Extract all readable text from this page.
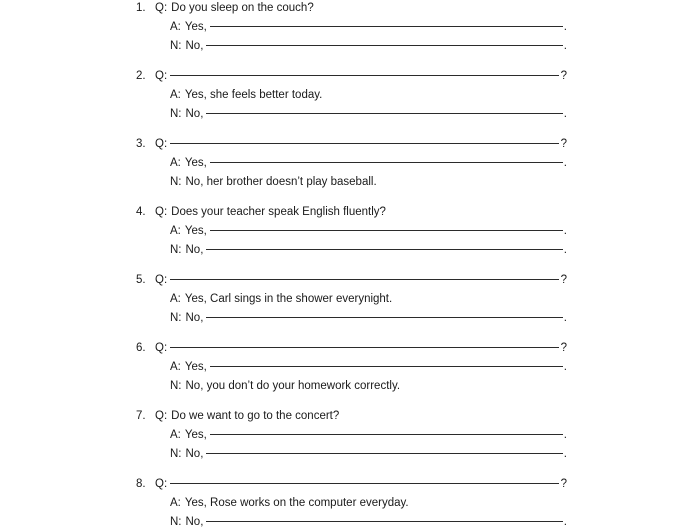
Q: Do you sleep on the couch?
1.
A: Yes,	.
N: No,	.
Q:	?
2.
A: Yes, she feels better today.
N: No,	.
Q:	?
3.
A: Yes,	.
N: No, her brother doesn’t play baseball.
Q: Does your teacher speak English fluently?
4.
A: Yes,	.
N: No,	.
Q:	?
5.
A: Yes, Carl sings in the shower everynight.
N: No,	.
Q:	?
6.
A: Yes,	.
N: No, you don’t do your homework correctly.
Q: Do we want to go to the concert?
7.
A: Yes,	.
N: No,	.
Q:	?
8.
A: Yes, Rose works on the computer everyday.
N: No,	.
